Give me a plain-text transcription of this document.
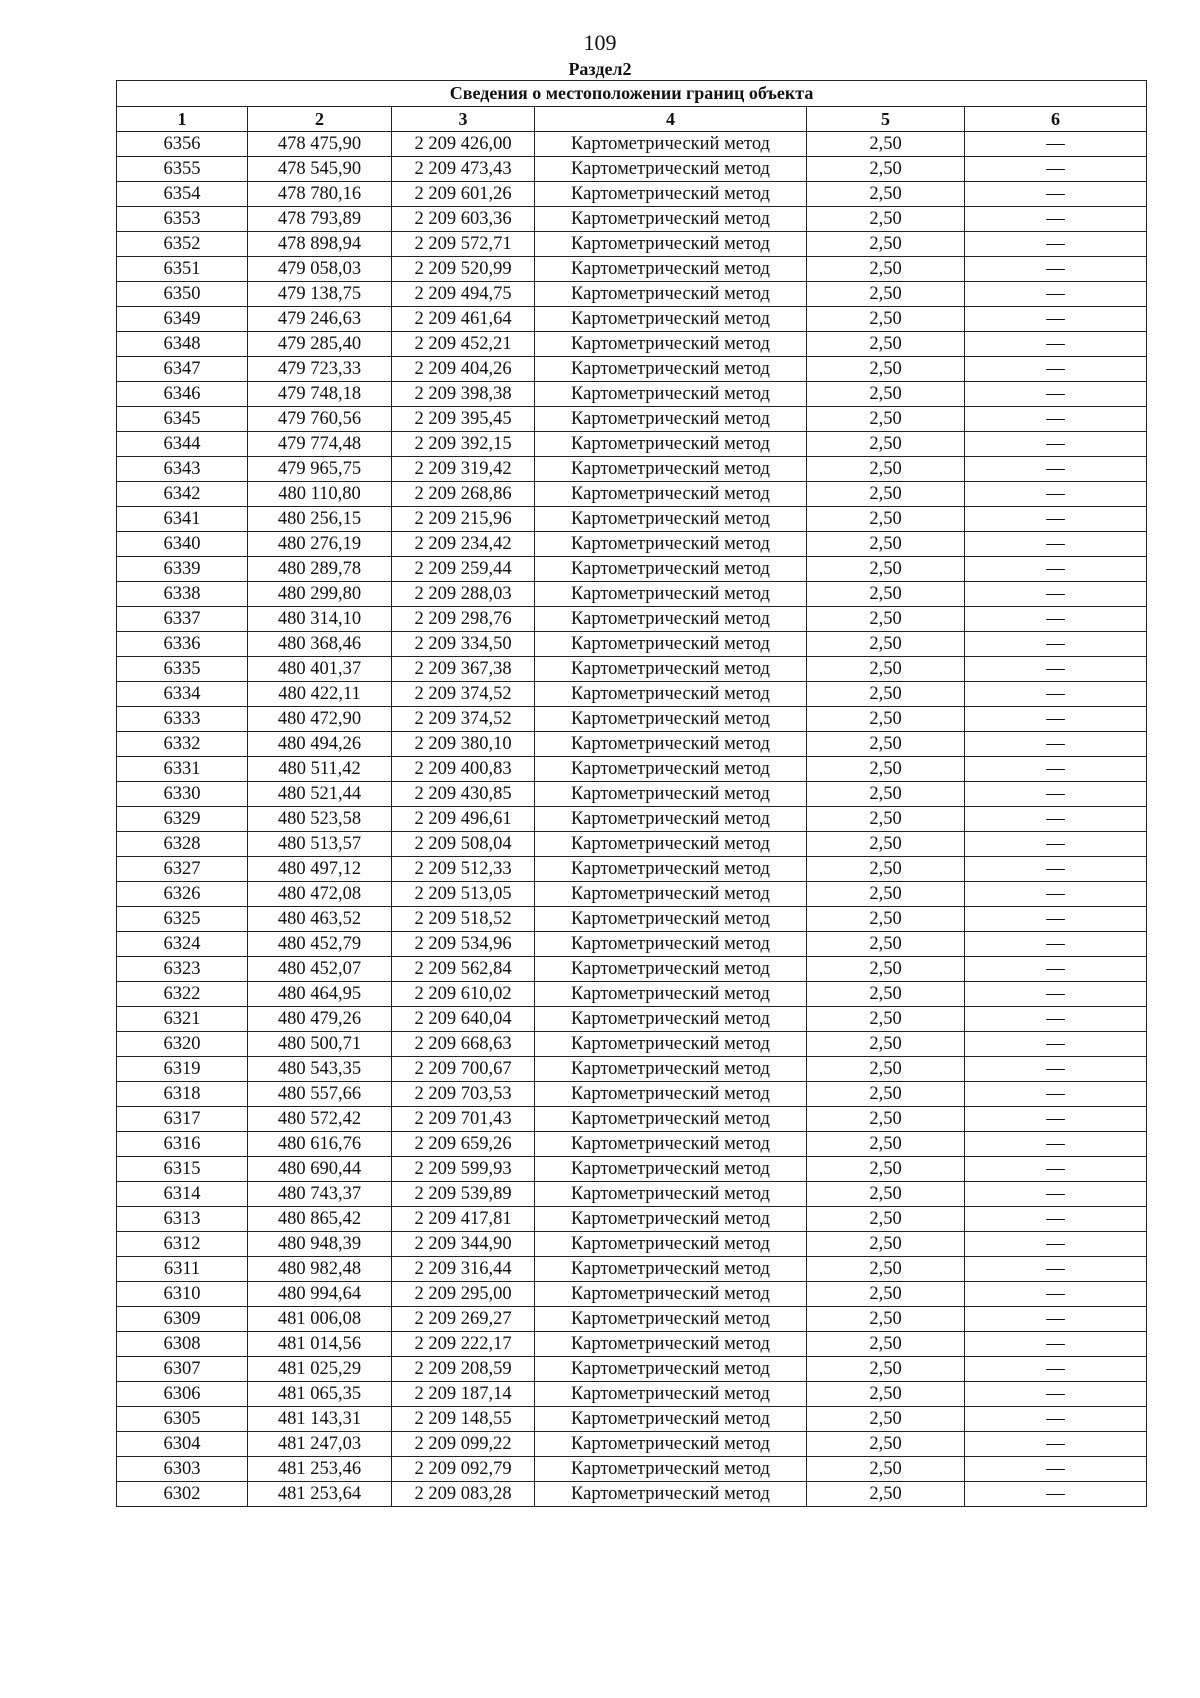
109
Раздел2
Сведения о местоположении границ объекта					
1	2	3	4	5	6
6356	478 475,90	2 209 426,00	Картометрический метод	2,50	—
6355	478 545,90	2 209 473,43	Картометрический метод	2,50	—
6354	478 780,16	2 209 601,26	Картометрический метод	2,50	—
6353	478 793,89	2 209 603,36	Картометрический метод	2,50	—
6352	478 898,94	2 209 572,71	Картометрический метод	2,50	—
6351	479 058,03	2 209 520,99	Картометрический метод	2,50	—
6350	479 138,75	2 209 494,75	Картометрический метод	2,50	—
6349	479 246,63	2 209 461,64	Картометрический метод	2,50	—
6348	479 285,40	2 209 452,21	Картометрический метод	2,50	—
6347	479 723,33	2 209 404,26	Картометрический метод	2,50	—
6346	479 748,18	2 209 398,38	Картометрический метод	2,50	—
6345	479 760,56	2 209 395,45	Картометрический метод	2,50	—
6344	479 774,48	2 209 392,15	Картометрический метод	2,50	—
6343	479 965,75	2 209 319,42	Картометрический метод	2,50	—
6342	480 110,80	2 209 268,86	Картометрический метод	2,50	—
6341	480 256,15	2 209 215,96	Картометрический метод	2,50	—
6340	480 276,19	2 209 234,42	Картометрический метод	2,50	—
6339	480 289,78	2 209 259,44	Картометрический метод	2,50	—
6338	480 299,80	2 209 288,03	Картометрический метод	2,50	—
6337	480 314,10	2 209 298,76	Картометрический метод	2,50	—
6336	480 368,46	2 209 334,50	Картометрический метод	2,50	—
6335	480 401,37	2 209 367,38	Картометрический метод	2,50	—
6334	480 422,11	2 209 374,52	Картометрический метод	2,50	—
6333	480 472,90	2 209 374,52	Картометрический метод	2,50	—
6332	480 494,26	2 209 380,10	Картометрический метод	2,50	—
6331	480 511,42	2 209 400,83	Картометрический метод	2,50	—
6330	480 521,44	2 209 430,85	Картометрический метод	2,50	—
6329	480 523,58	2 209 496,61	Картометрический метод	2,50	—
6328	480 513,57	2 209 508,04	Картометрический метод	2,50	—
6327	480 497,12	2 209 512,33	Картометрический метод	2,50	—
6326	480 472,08	2 209 513,05	Картометрический метод	2,50	—
6325	480 463,52	2 209 518,52	Картометрический метод	2,50	—
6324	480 452,79	2 209 534,96	Картометрический метод	2,50	—
6323	480 452,07	2 209 562,84	Картометрический метод	2,50	—
6322	480 464,95	2 209 610,02	Картометрический метод	2,50	—
6321	480 479,26	2 209 640,04	Картометрический метод	2,50	—
6320	480 500,71	2 209 668,63	Картометрический метод	2,50	—
6319	480 543,35	2 209 700,67	Картометрический метод	2,50	—
6318	480 557,66	2 209 703,53	Картометрический метод	2,50	—
6317	480 572,42	2 209 701,43	Картометрический метод	2,50	—
6316	480 616,76	2 209 659,26	Картометрический метод	2,50	—
6315	480 690,44	2 209 599,93	Картометрический метод	2,50	—
6314	480 743,37	2 209 539,89	Картометрический метод	2,50	—
6313	480 865,42	2 209 417,81	Картометрический метод	2,50	—
6312	480 948,39	2 209 344,90	Картометрический метод	2,50	—
6311	480 982,48	2 209 316,44	Картометрический метод	2,50	—
6310	480 994,64	2 209 295,00	Картометрический метод	2,50	—
6309	481 006,08	2 209 269,27	Картометрический метод	2,50	—
6308	481 014,56	2 209 222,17	Картометрический метод	2,50	—
6307	481 025,29	2 209 208,59	Картометрический метод	2,50	—
6306	481 065,35	2 209 187,14	Картометрический метод	2,50	—
6305	481 143,31	2 209 148,55	Картометрический метод	2,50	—
6304	481 247,03	2 209 099,22	Картометрический метод	2,50	—
6303	481 253,46	2 209 092,79	Картометрический метод	2,50	—
6302	481 253,64	2 209 083,28	Картометрический метод	2,50	—
